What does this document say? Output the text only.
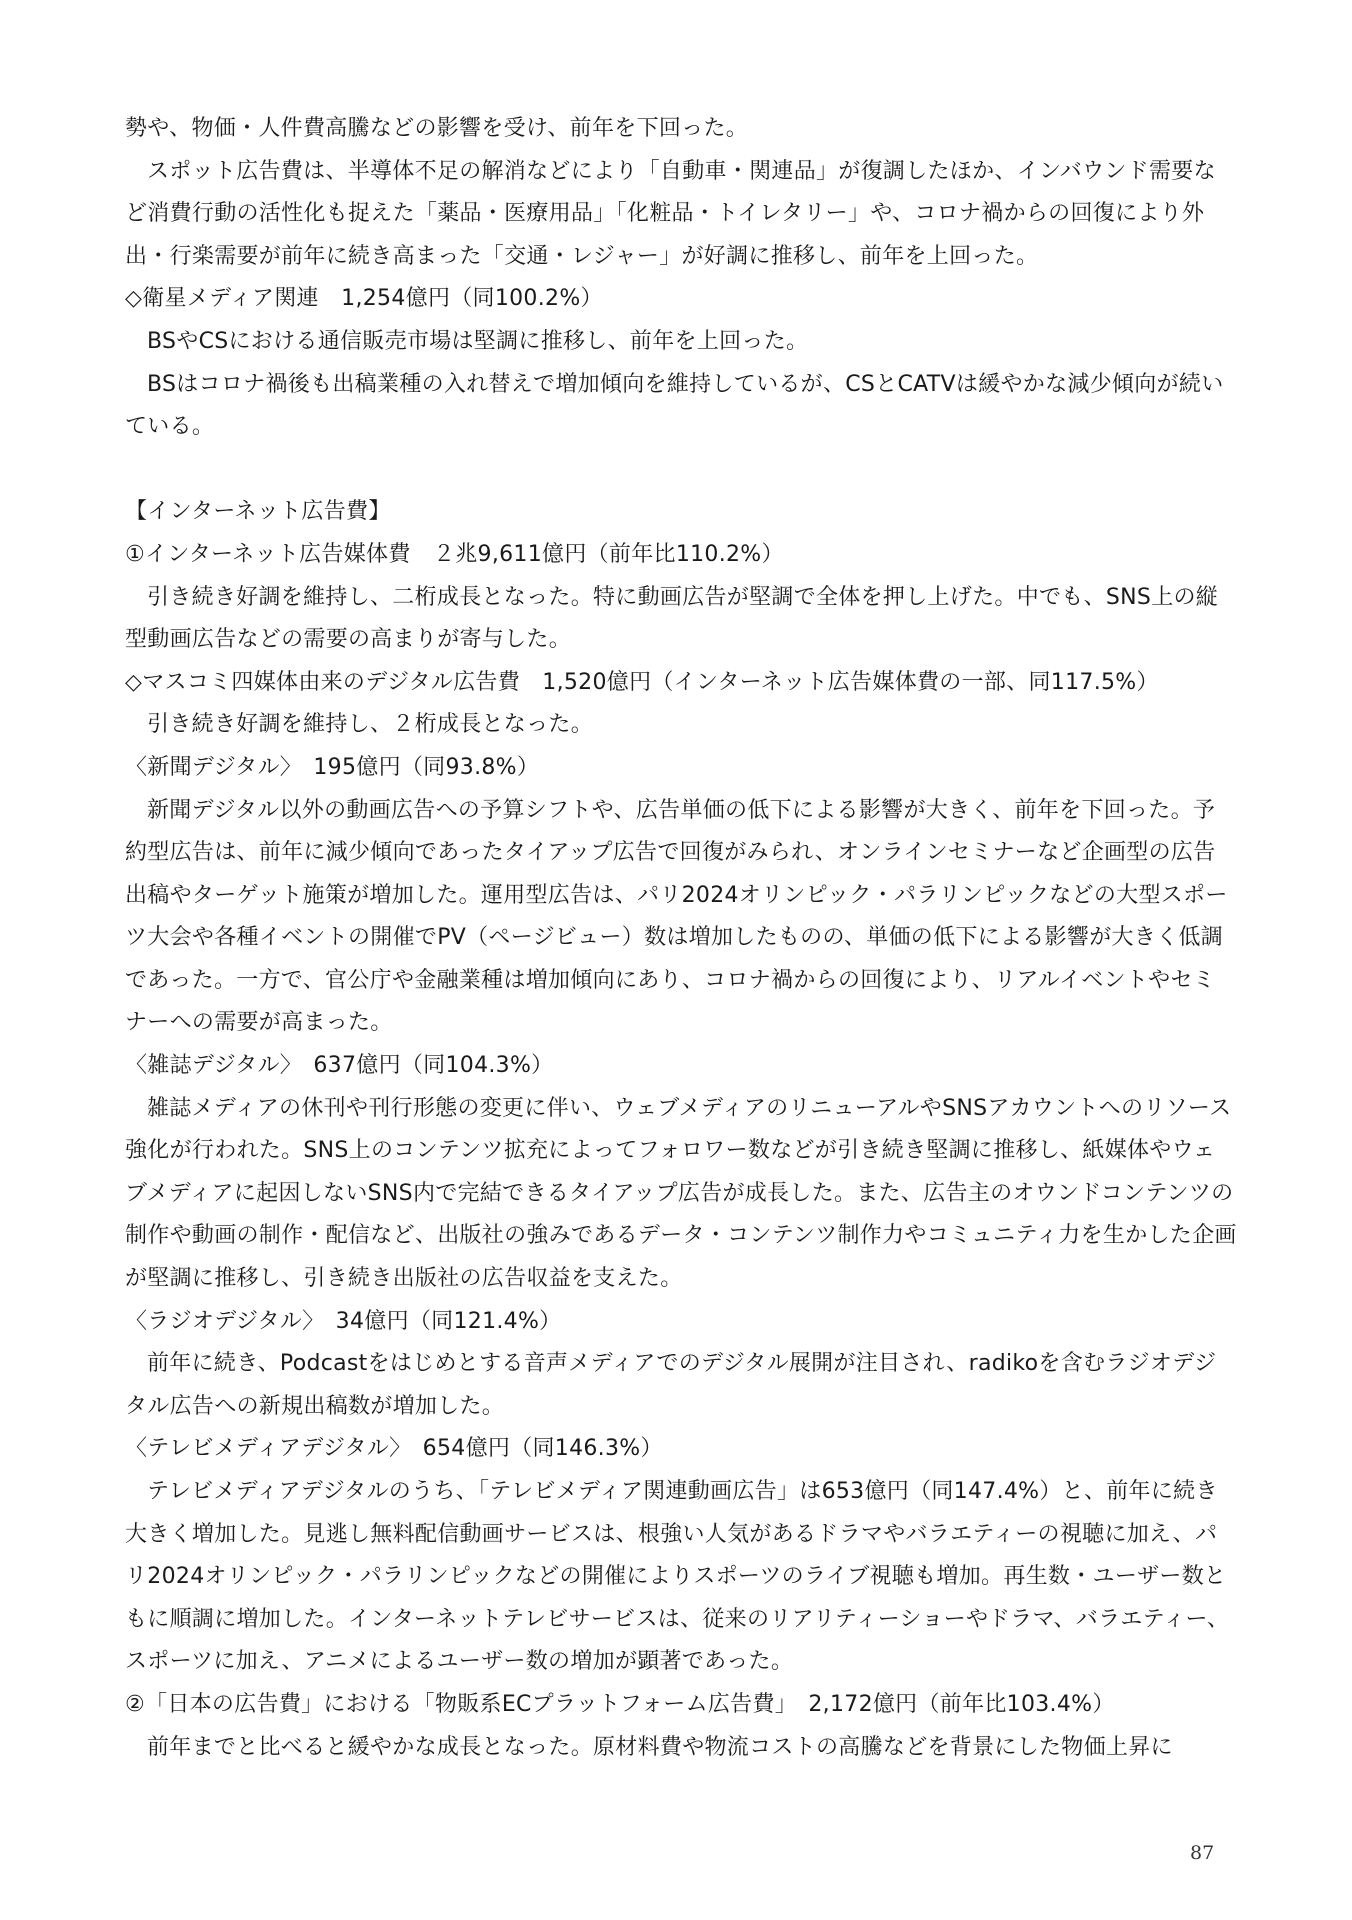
勢や、物価・人件費高騰などの影響を受け、前年を下回った。

スポット広告費は、半導体不足の解消などにより「自動車・関連品」が復調したほか、インバウンド需要など消費行動の活性化も捉えた「薬品・医療用品」「化粧品・トイレタリー」や、コロナ禍からの回復により外出・行楽需要が前年に続き高まった「交通・レジャー」が好調に推移し、前年を上回った。

◇衛星メディア関連　1,254億円（同100.2%）

BSやCSにおける通信販売市場は堅調に推移し、前年を上回った。

BSはコロナ禍後も出稿業種の入れ替えで増加傾向を維持しているが、CSとCATVは緩やかな減少傾向が続いている。

【インターネット広告費】

①インターネット広告媒体費　２兆9,611億円（前年比110.2%）

引き続き好調を維持し、二桁成長となった。特に動画広告が堅調で全体を押し上げた。中でも、SNS上の縦型動画広告などの需要の高まりが寄与した。

◇マスコミ四媒体由来のデジタル広告費　1,520億円（インターネット広告媒体費の一部、同117.5%）

引き続き好調を維持し、２桁成長となった。

〈新聞デジタル〉　195億円（同93.8%）

新聞デジタル以外の動画広告への予算シフトや、広告単価の低下による影響が大きく、前年を下回った。予約型広告は、前年に減少傾向であったタイアップ広告で回復がみられ、オンラインセミナーなど企画型の広告出稿やターゲット施策が増加した。運用型広告は、パリ2024オリンピック・パラリンピックなどの大型スポーツ大会や各種イベントの開催でPV（ページビュー）数は増加したものの、単価の低下による影響が大きく低調であった。一方で、官公庁や金融業種は増加傾向にあり、コロナ禍からの回復により、リアルイベントやセミナーへの需要が高まった。

〈雑誌デジタル〉　637億円（同104.3%）

雑誌メディアの休刊や刊行形態の変更に伴い、ウェブメディアのリニューアルやSNSアカウントへのリソース強化が行われた。SNS上のコンテンツ拡充によってフォロワー数などが引き続き堅調に推移し、紙媒体やウェブメディアに起因しないSNS内で完結できるタイアップ広告が成長した。また、広告主のオウンドコンテンツの制作や動画の制作・配信など、出版社の強みであるデータ・コンテンツ制作力やコミュニティ力を生かした企画が堅調に推移し、引き続き出版社の広告収益を支えた。

〈ラジオデジタル〉　34億円（同121.4%）

前年に続き、Podcastをはじめとする音声メディアでのデジタル展開が注目され、radikoを含むラジオデジタル広告への新規出稿数が増加した。

〈テレビメディアデジタル〉　654億円（同146.3%）

テレビメディアデジタルのうち、「テレビメディア関連動画広告」は653億円（同147.4%）と、前年に続き大きく増加した。見逃し無料配信動画サービスは、根強い人気があるドラマやバラエティーの視聴に加え、パリ2024オリンピック・パラリンピックなどの開催によりスポーツのライブ視聴も増加。再生数・ユーザー数ともに順調に増加した。インターネットテレビサービスは、従来のリアリティーショーやドラマ、バラエティー、スポーツに加え、アニメによるユーザー数の増加が顕著であった。

②「日本の広告費」における「物販系ECプラットフォーム広告費」　2,172億円（前年比103.4%）

前年までと比べると緩やかな成長となった。原材料費や物流コストの高騰などを背景にした物価上昇に

87
